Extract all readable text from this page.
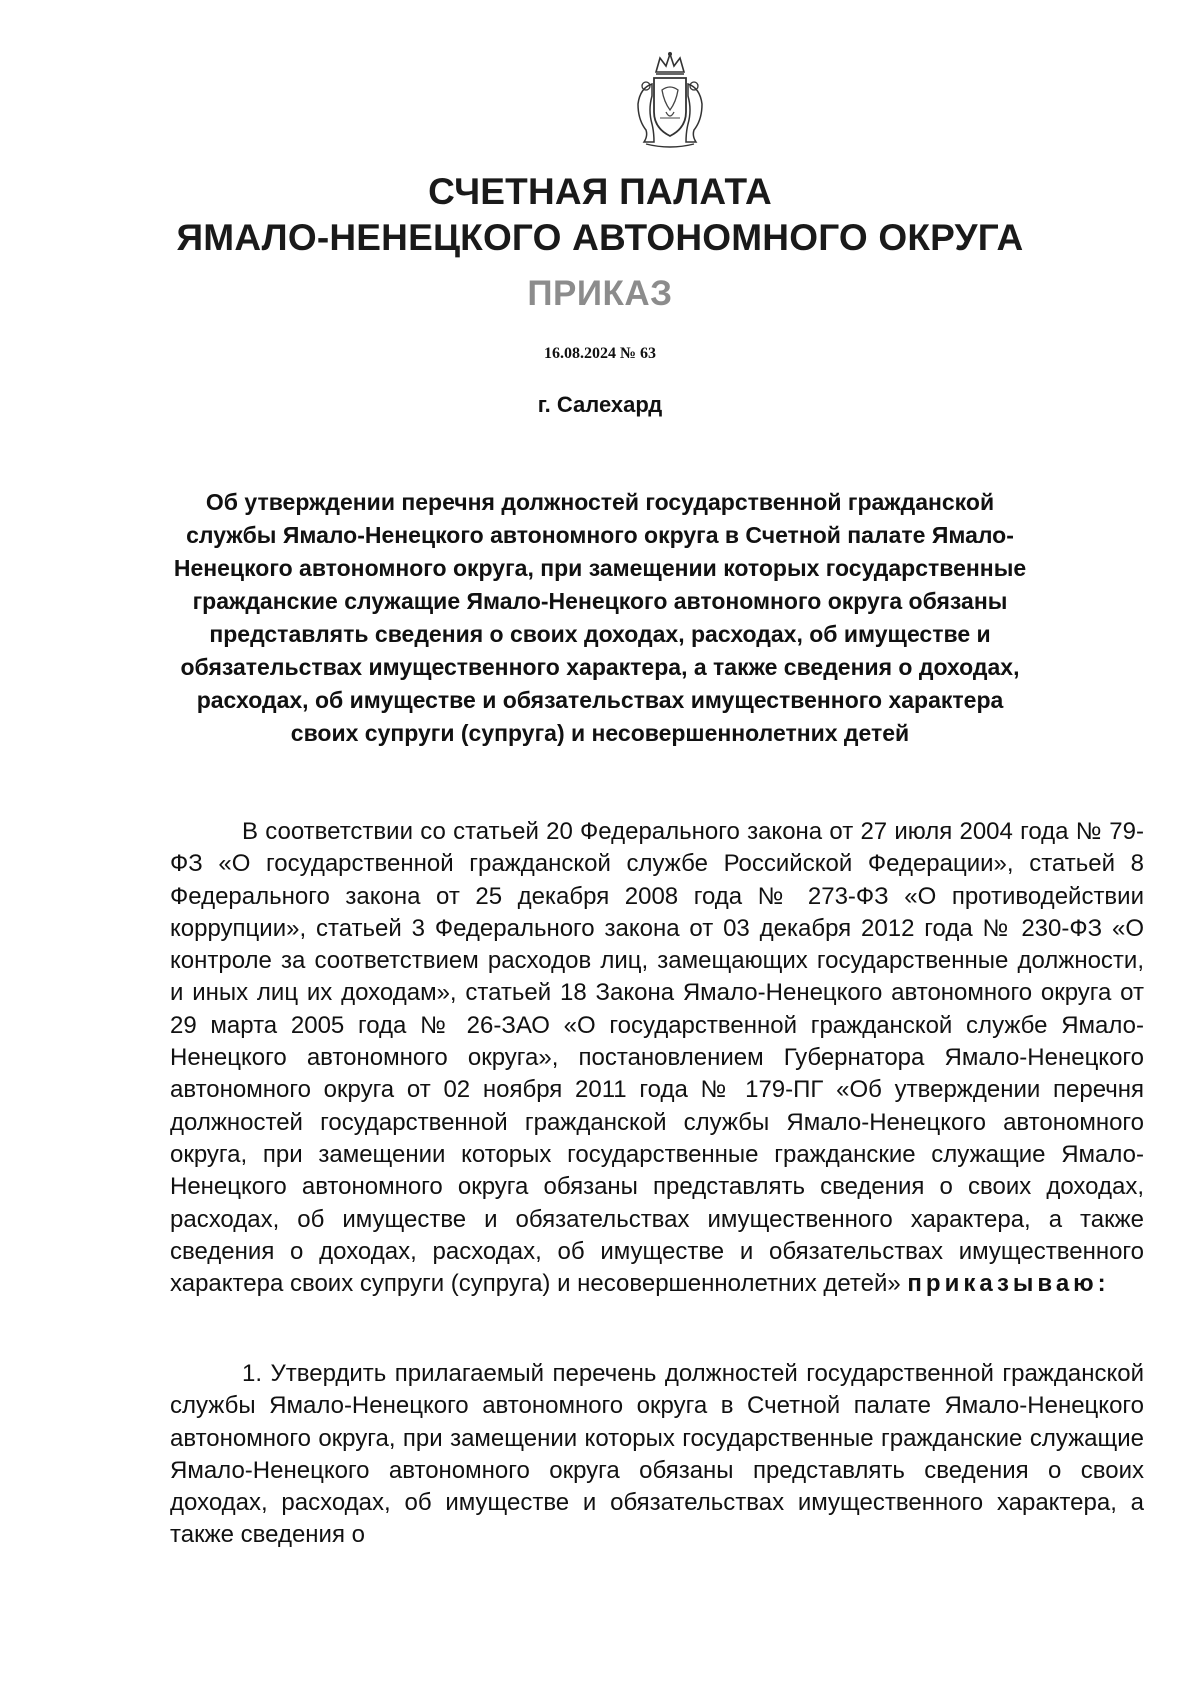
СЧЕТНАЯ ПАЛАТА
ЯМАЛО-НЕНЕЦКОГО АВТОНОМНОГО ОКРУГА
ПРИКАЗ
16.08.2024 № 63
г. Салехард

Об утверждении перечня должностей государственной гражданской службы Ямало-Ненецкого автономного округа в Счетной палате Ямало-Ненецкого автономного округа, при замещении которых государственные гражданские служащие Ямало-Ненецкого автономного округа обязаны представлять сведения о своих доходах, расходах, об имуществе и обязательствах имущественного характера, а также сведения о доходах, расходах, об имуществе и обязательствах имущественного характера своих супруги (супруга) и несовершеннолетних детей

В соответствии со статьей 20 Федерального закона от 27 июля 2004 года № 79-ФЗ «О государственной гражданской службе Российской Федерации», статьей 8 Федерального закона от 25 декабря 2008 года № 273-ФЗ «О противодействии коррупции», статьей 3 Федерального закона от 03 декабря 2012 года № 230-ФЗ «О контроле за соответствием расходов лиц, замещающих государственные должности, и иных лиц их доходам», статьей 18 Закона Ямало-Ненецкого автономного округа от 29 марта 2005 года № 26-ЗАО «О государственной гражданской службе Ямало-Ненецкого автономного округа», постановлением Губернатора Ямало-Ненецкого автономного округа от 02 ноября 2011 года № 179-ПГ «Об утверждении перечня должностей государственной гражданской службы Ямало-Ненецкого автономного округа, при замещении которых государственные гражданские служащие Ямало-Ненецкого автономного округа обязаны представлять сведения о своих доходах, расходах, об имуществе и обязательствах имущественного характера, а также сведения о доходах, расходах, об имуществе и обязательствах имущественного характера своих супруги (супруга) и несовершеннолетних детей» приказываю:

1. Утвердить прилагаемый перечень должностей государственной гражданской службы Ямало-Ненецкого автономного округа в Счетной палате Ямало-Ненецкого автономного округа, при замещении которых государственные гражданские служащие Ямало-Ненецкого автономного округа обязаны представлять сведения о своих доходах, расходах, об имуществе и обязательствах имущественного характера, а также сведения о
